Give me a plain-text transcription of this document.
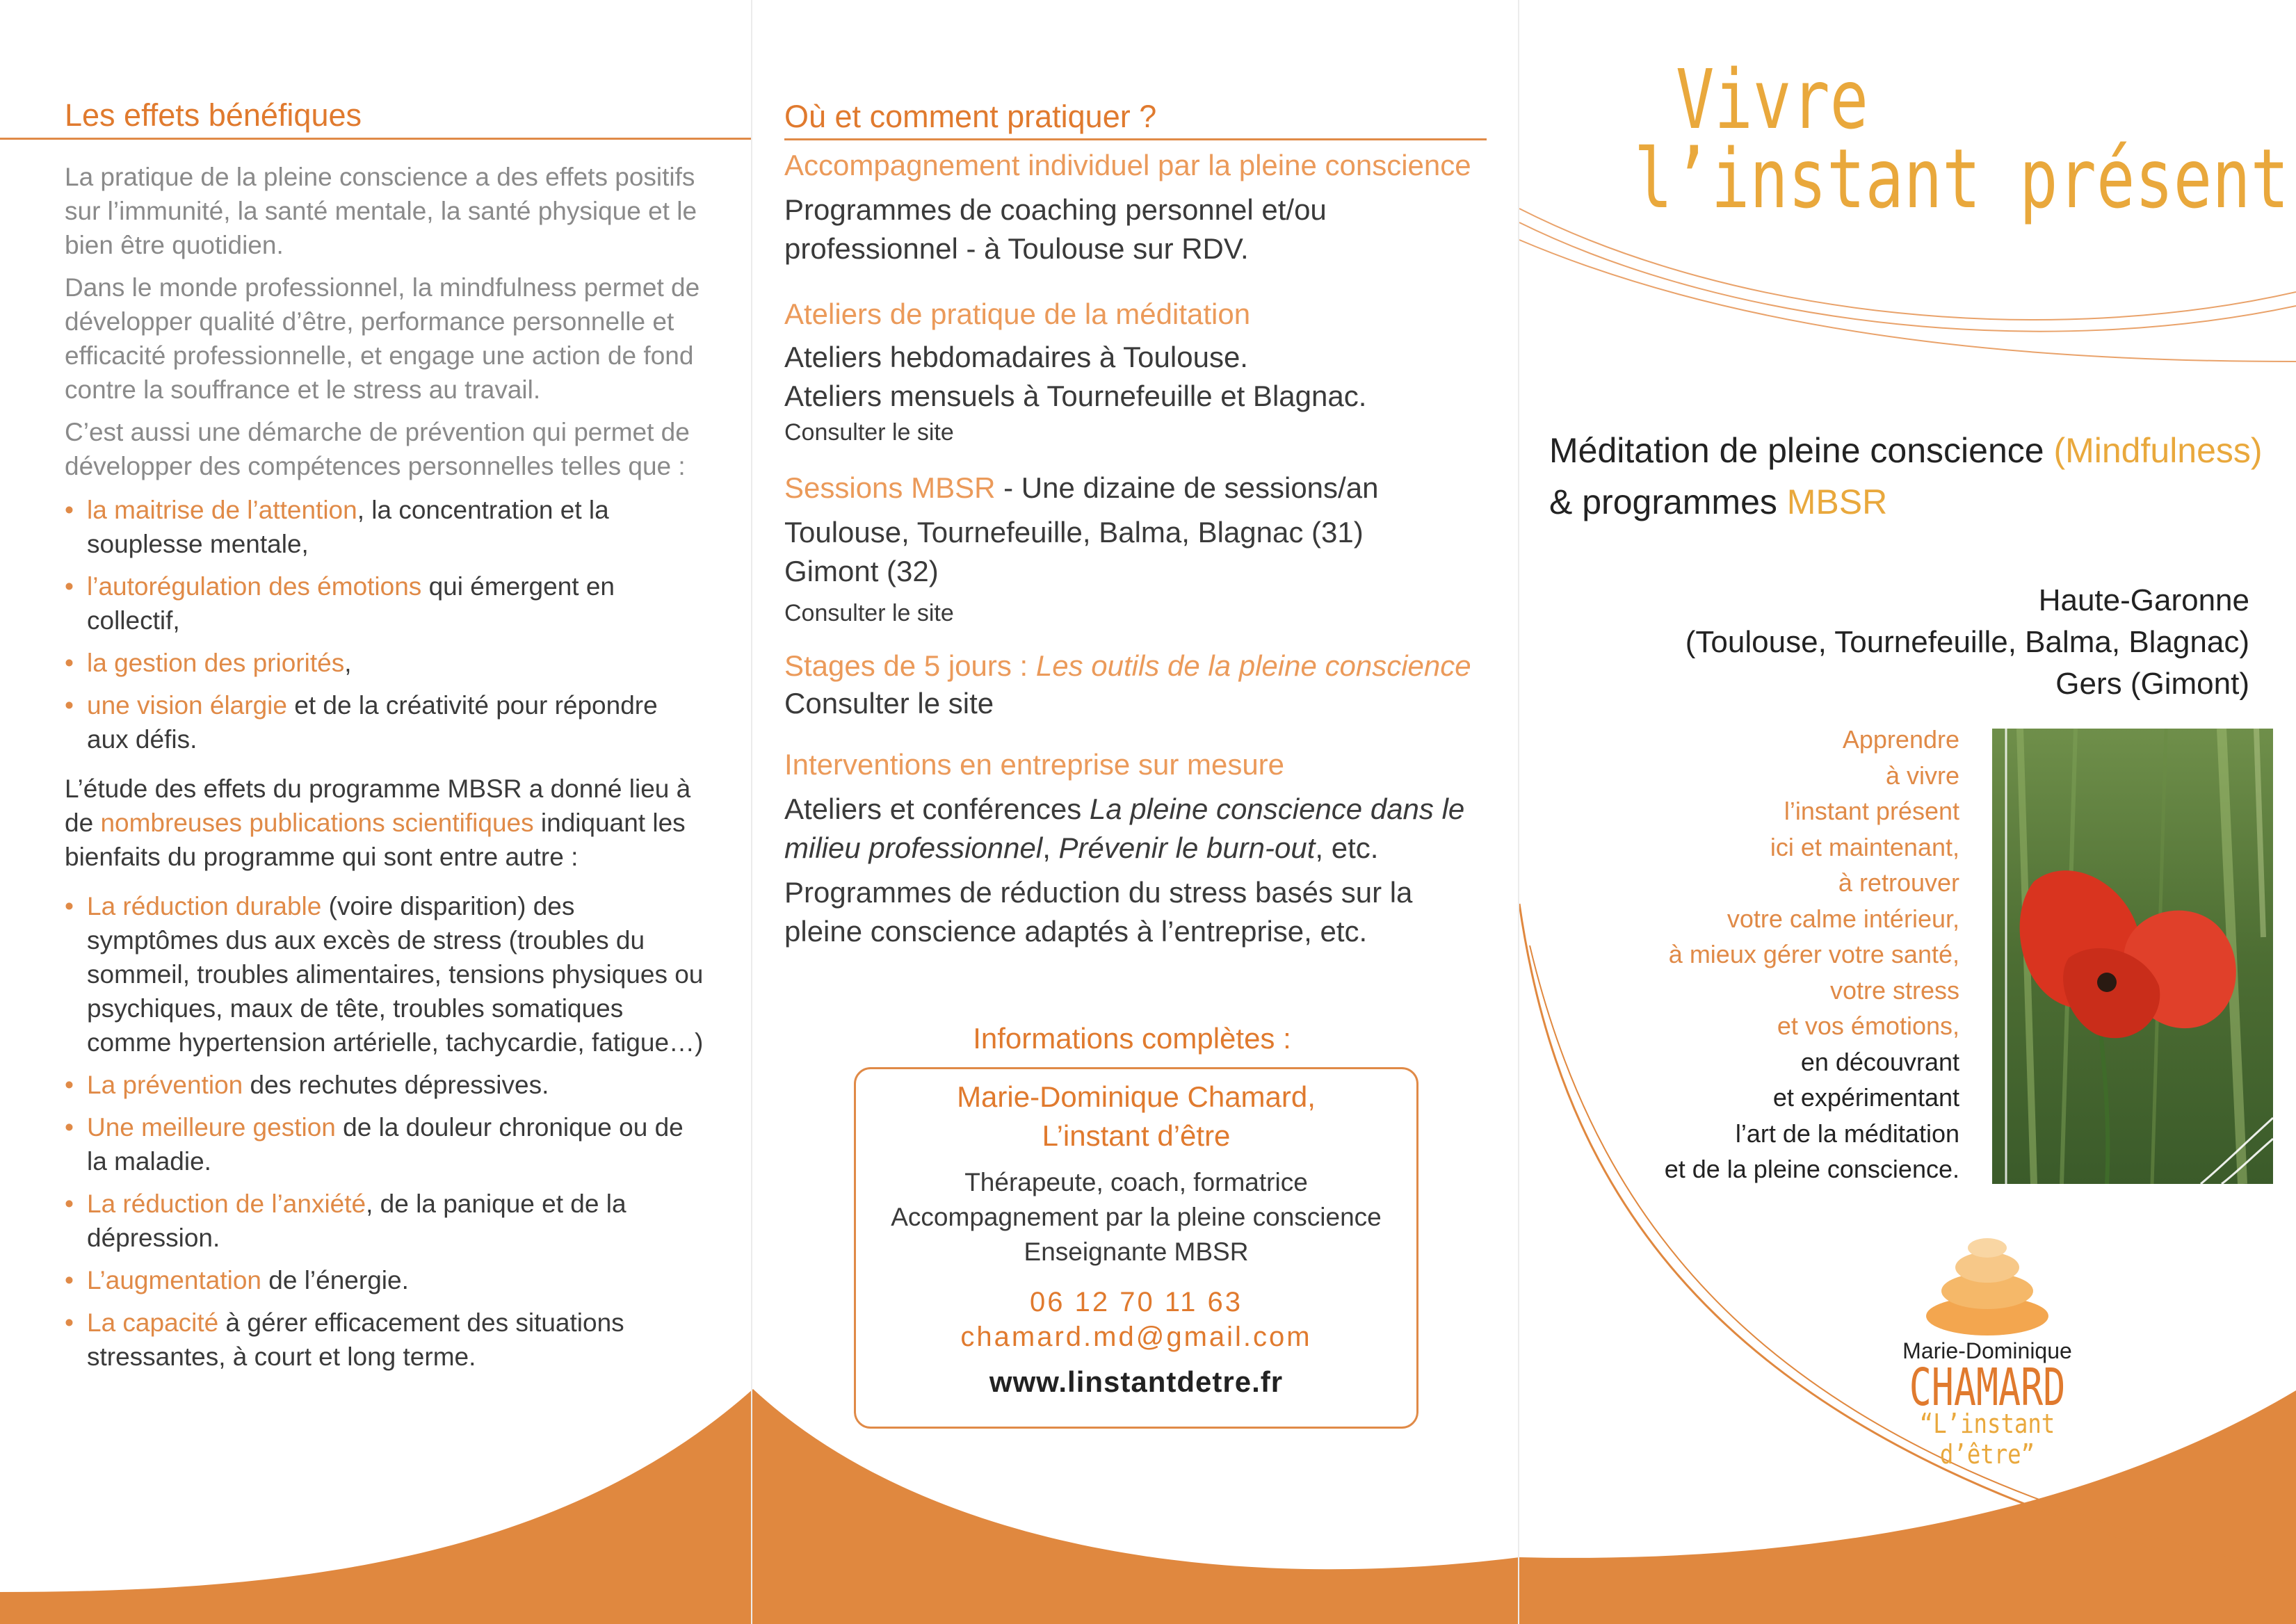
Les effets bénéfiques

La pratique de la pleine conscience a des effets positifs sur l’immunité, la santé mentale, la santé physique et le bien être quotidien.

Dans le monde professionnel, la mindfulness permet de développer qualité d’être, performance personnelle et efficacité professionnelle, et engage une action de fond contre la souffrance et le stress au travail.

C’est aussi une démarche de prévention qui permet de développer des compétences personnelles telles que :

• la maitrise de l’attention, la concentration et la souplesse mentale,
• l’autorégulation des émotions qui émergent en collectif,
• la gestion des priorités,
• une vision élargie et de la créativité pour répondre aux défis.

L’étude des effets du programme MBSR a donné lieu à de nombreuses publications scientifiques indiquant les bienfaits du programme qui sont entre autre :

• La réduction durable (voire disparition) des symptômes dus aux excès de stress (troubles du sommeil, troubles alimentaires, tensions physiques ou psychiques, maux de tête, troubles somatiques comme hypertension artérielle, tachycardie, fatigue…)
• La prévention des rechutes dépressives.
• Une meilleure gestion de la douleur chronique ou de la maladie.
• La réduction de l’anxiété, de la panique et de la dépression.
• L’augmentation de l’énergie.
• La capacité à gérer efficacement des situations stressantes, à court et long terme.
Où et comment pratiquer ?
Accompagnement individuel par la pleine conscience
Programmes de coaching personnel et/ou professionnel - à Toulouse sur RDV.
Ateliers de pratique de la méditation
Ateliers hebdomadaires à Toulouse.
Ateliers mensuels à Tournefeuille et Blagnac.
Consulter le site
Sessions MBSR - Une dizaine de sessions/an
Toulouse, Tournefeuille, Balma, Blagnac (31)
Gimont (32)
Consulter le site
Stages de 5 jours : Les outils de la pleine conscience
Consulter le site
Interventions en entreprise sur mesure
Ateliers et conférences La pleine conscience dans le milieu professionnel, Prévenir le burn-out, etc.
Programmes de réduction du stress basés sur la pleine conscience adaptés à l’entreprise, etc.
Informations complètes :
Marie-Dominique Chamard,
L’instant d’être
Thérapeute, coach, formatrice
Accompagnement par la pleine conscience
Enseignante MBSR
06 12 70 11 63
chamard.md@gmail.com
www.linstantdetre.fr
Vivre
l’instant présent
Méditation de pleine conscience (Mindfulness)
& programmes MBSR
Haute-Garonne
(Toulouse, Tournefeuille, Balma, Blagnac)
Gers (Gimont)
Apprendre
à vivre
l’instant présent
ici et maintenant,
à retrouver
votre calme intérieur,
à mieux gérer votre santé,
votre stress
et vos émotions,
en découvrant
et expérimentant
l’art de la méditation
et de la pleine conscience.
Marie-Dominique
CHAMARD
“L’instant d’être”
